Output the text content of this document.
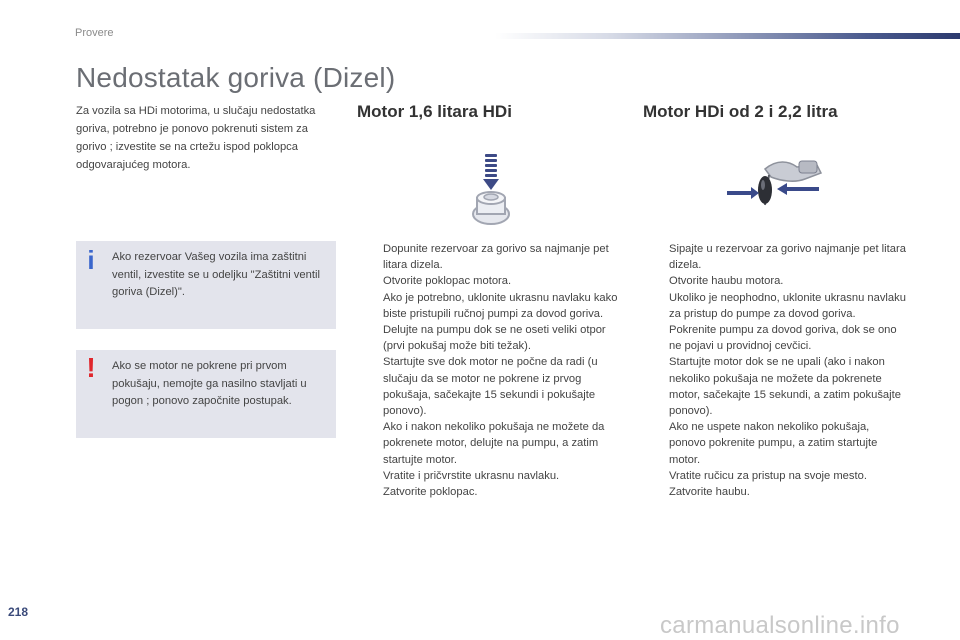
Provere
Nedostatak goriva (Dizel)
Za vozila sa HDi motorima, u slučaju nedostatka goriva, potrebno je ponovo pokrenuti sistem za gorivo ; izvestite se na crtežu ispod poklopca odgovarajućeg motora.
i	Ako rezervoar Vašeg vozila ima zaštitni ventil, izvestite se u odeljku "Zaštitni ventil goriva (Dizel)".
! Ako se motor ne pokrene pri prvom pokušaju, nemojte ga nasilno stavljati u pogon ; ponovo započnite postupak.
Motor 1,6 litara HDi	Motor HDi od 2 i 2,2 litra
Dopunite rezervoar za gorivo sa najmanje pet litara dizela.
Otvorite poklopac motora.
Ako je potrebno, uklonite ukrasnu navlaku kako biste pristupili ručnoj pumpi za dovod goriva.
Delujte na pumpu dok se ne oseti veliki otpor (prvi pokušaj može biti težak).
Startujte sve dok motor ne počne da radi (u slučaju da se motor ne pokrene iz prvog pokušaja, sačekajte 15 sekundi i pokušajte ponovo).
Ako i nakon nekoliko pokušaja ne možete da pokrenete motor, delujte na pumpu, a zatim startujte motor.
Vratite i pričvrstite ukrasnu navlaku.
Zatvorite poklopac.
Sipajte u rezervoar za gorivo najmanje pet litara dizela.
Otvorite haubu motora.
Ukoliko je neophodno, uklonite ukrasnu navlaku za pristup do pumpe za dovod goriva.
Pokrenite pumpu za dovod goriva, dok se ono ne pojavi u providnoj cevčici.
Startujte motor dok se ne upali (ako i nakon nekoliko pokušaja ne možete da pokrenete motor, sačekajte 15 sekundi, a zatim pokušajte ponovo).
Ako ne uspete nakon nekoliko pokušaja, ponovo pokrenite pumpu, a zatim startujte motor.
Vratite ručicu za pristup na svoje mesto.
Zatvorite haubu.
218	carmanualsonline.info
